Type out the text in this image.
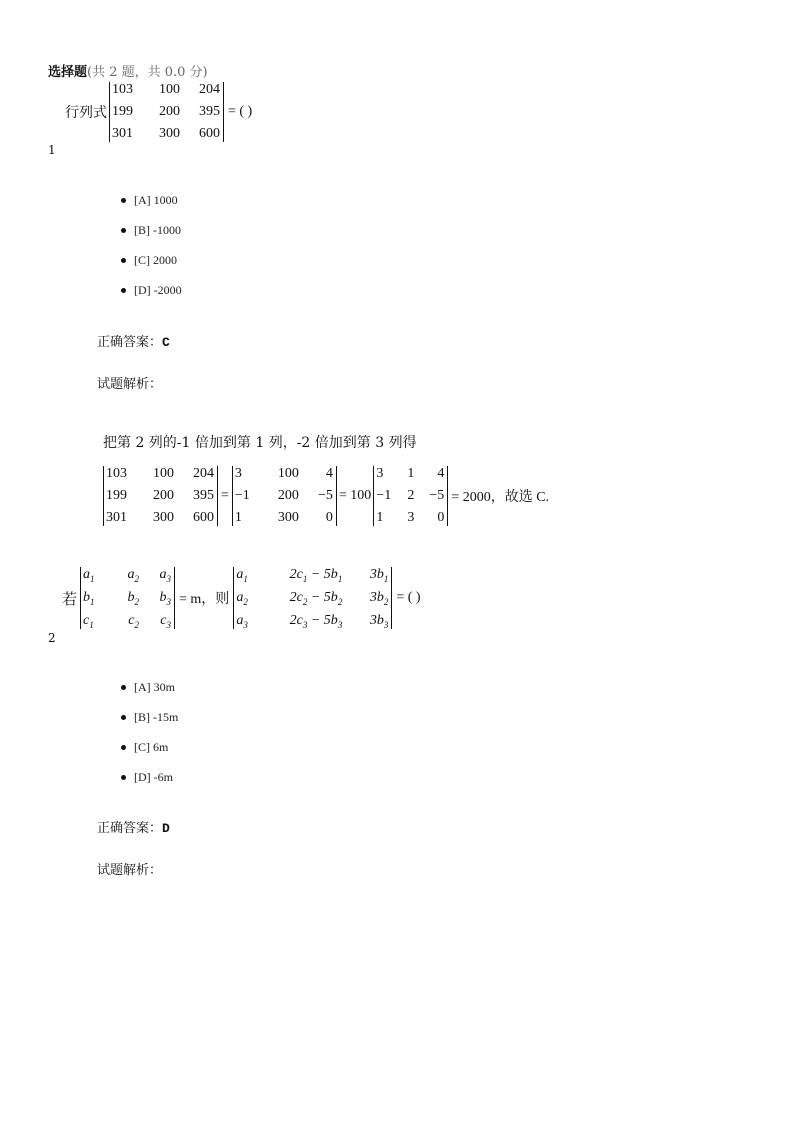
选择题(共 2 题，共 0.0 分)
1
行列式
103	100	204
199	200	395
301	300	600
= ( )
[A] 1000
[B] -1000
[C] 2000
[D] -2000
正确答案：C
试题解析：
把第 2 列的-1 倍加到第 1 列，-2 倍加到第 3 列得
103	100	204
199	200	395
301	300	600
=
3	100	4
−1	200	−5
1	300	0
= 100
3	1	4
−1	2	−5
1	3	0
= 2000，故选 C.
2
若
$a_1$	$a_2$	$a_3$
$b_1$	$b_2$	$b_3$
$c_1$	$c_2$	$c_3$
= m，则
$a_1$	$2c_1 - 5b_1$	$3b_1$
$a_2$	$2c_2 - 5b_2$	$3b_2$
$a_3$	$2c_3 - 5b_3$	$3b_3$
= ( )
[A] 30m
[B] -15m
[C] 6m
[D] -6m
正确答案：D
试题解析：
